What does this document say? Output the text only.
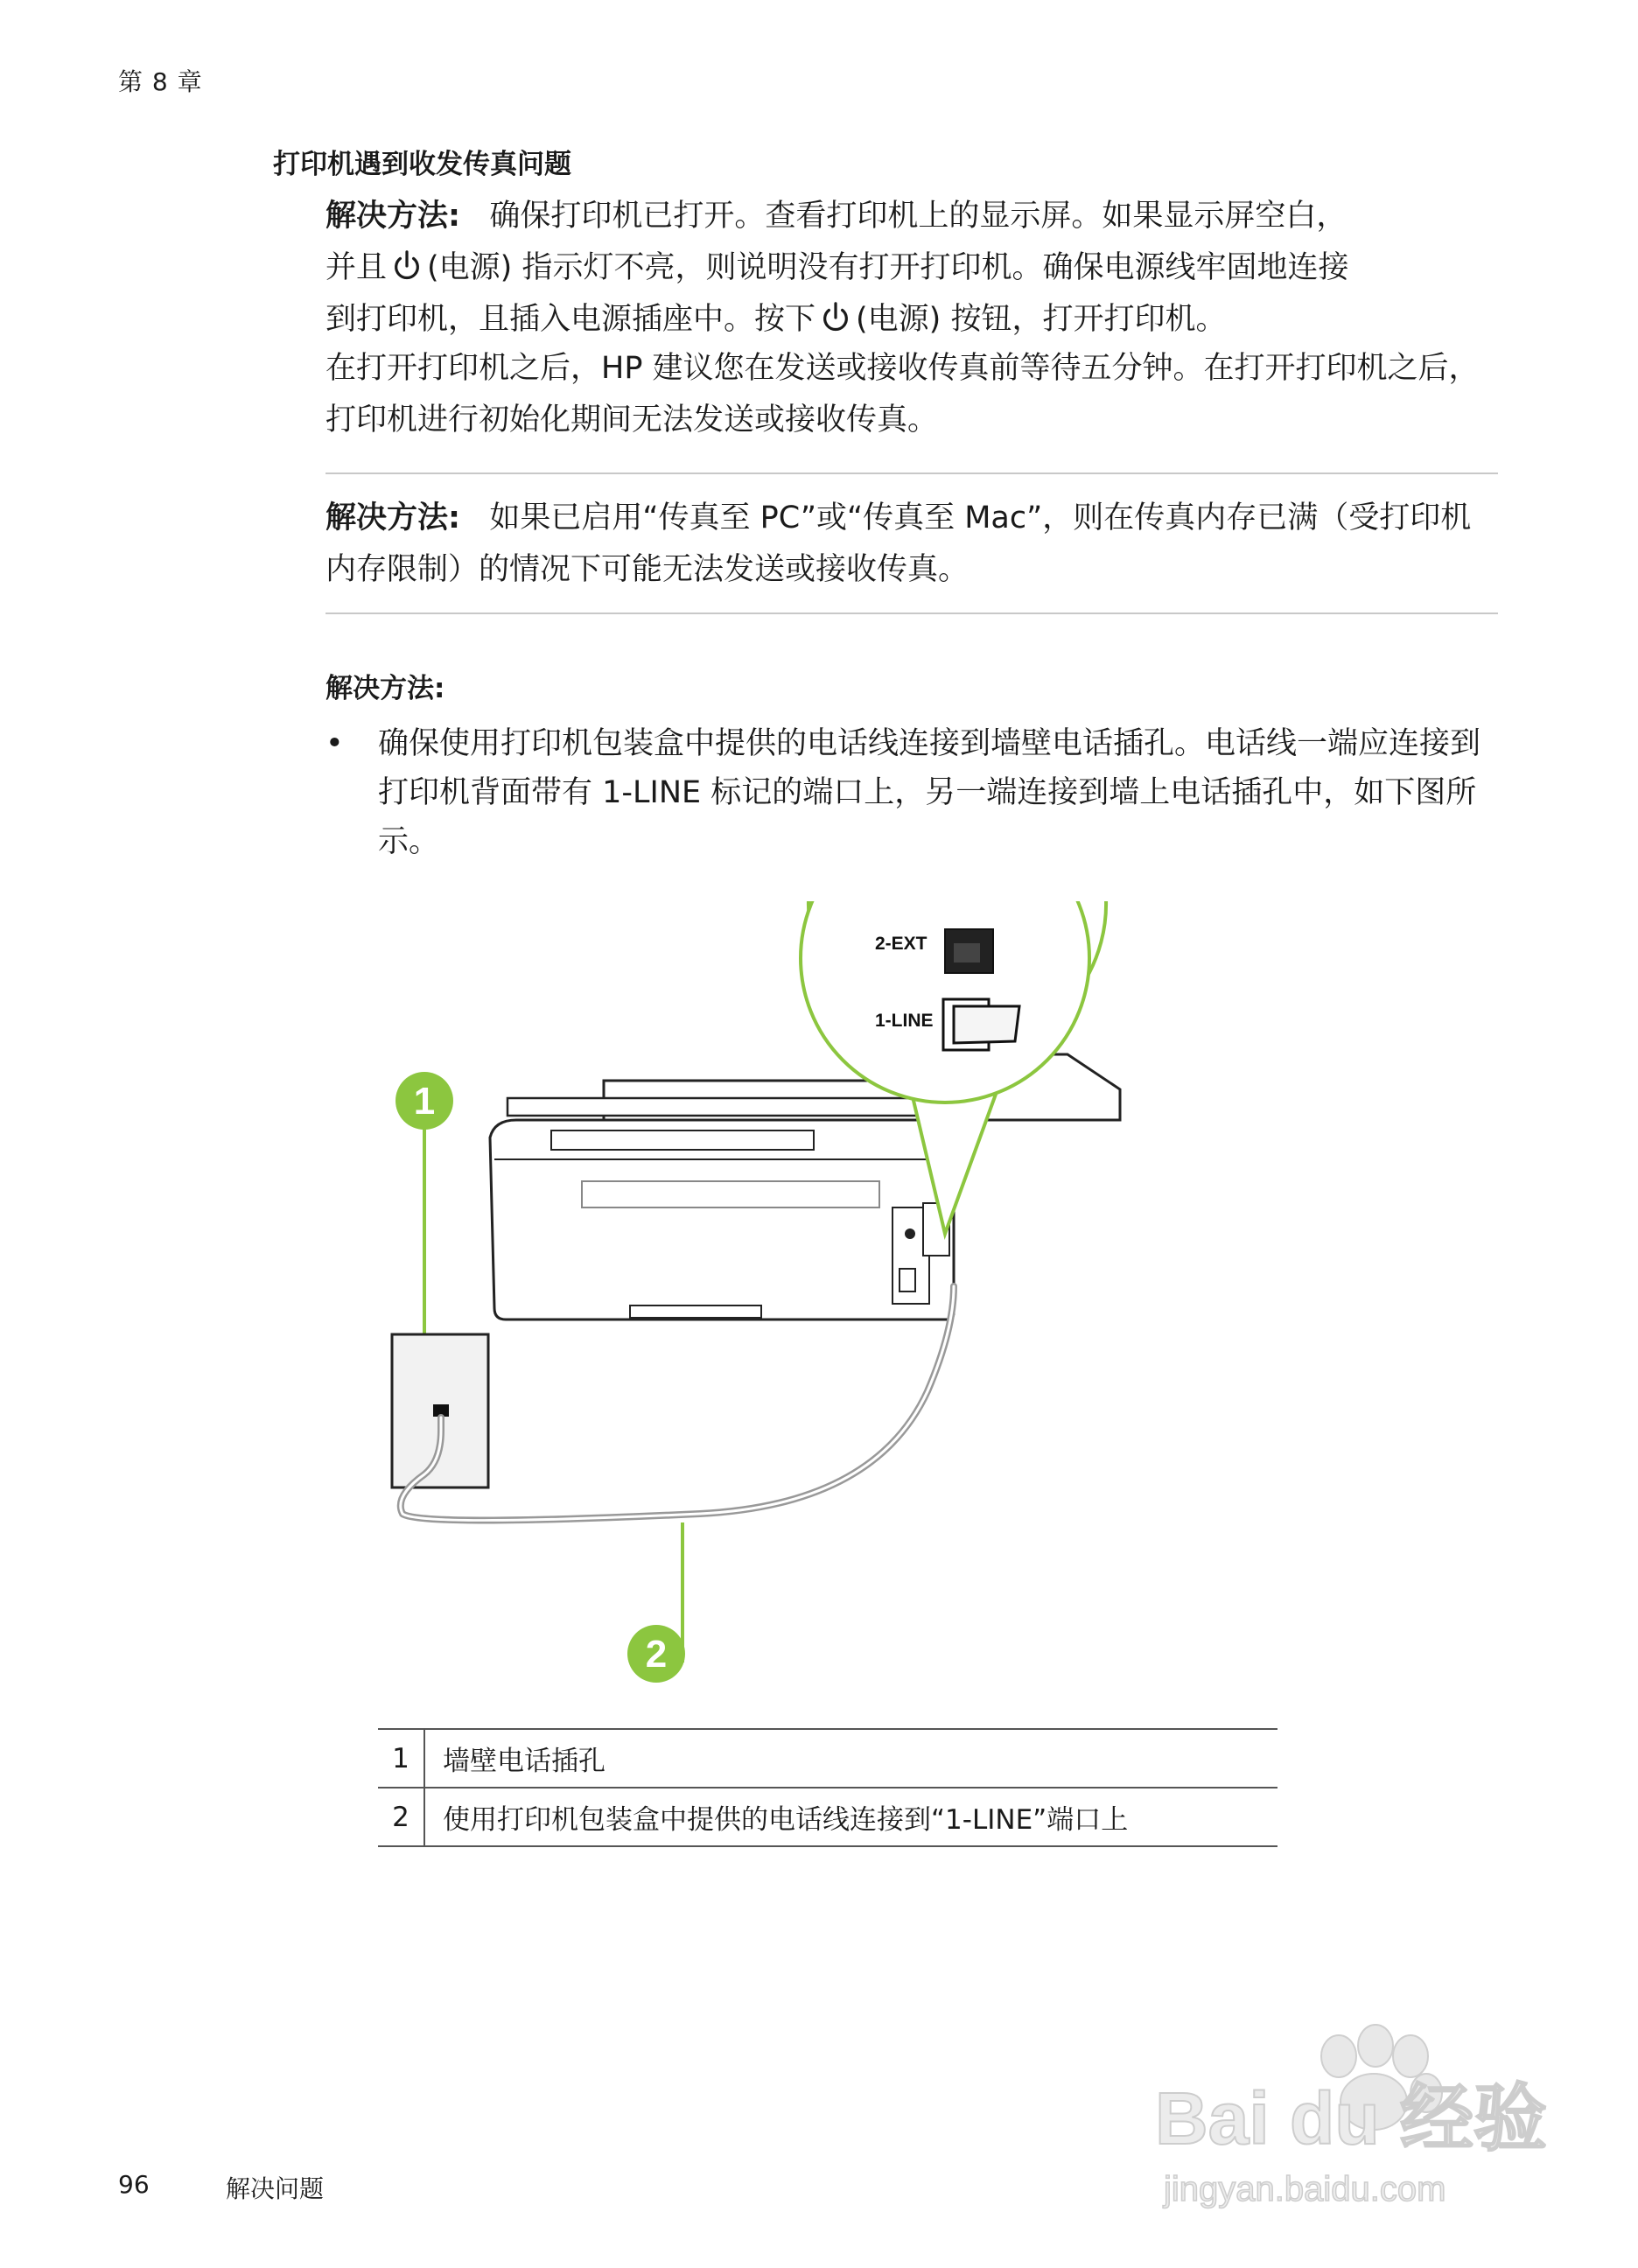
第 8 章
打印机遇到收发传真问题
解决方法: 确保打印机已打开。查看打印机上的显示屏。如果显示屏空白，
并且 (电源) 指示灯不亮，则说明没有打开打印机。确保电源线牢固地连接
到打印机，且插入电源插座中。按下 (电源) 按钮，打开打印机。
在打开打印机之后，HP 建议您在发送或接收传真前等待五分钟。在打开打印机之后，打印机进行初始化期间无法发送或接收传真。
解决方法: 如果已启用“传真至 PC”或“传真至 Mac”，则在传真内存已满（受打印机内存限制）的情况下可能无法发送或接收传真。
解决方法:
• 确保使用打印机包装盒中提供的电话线连接到墙壁电话插孔。电话线一端应连接到打印机背面带有 1-LINE 标记的端口上，另一端连接到墙上电话插孔中，如下图所示。
1
2-EXT
1-LINE
2
1	墙壁电话插孔
2	使用打印机包装盒中提供的电话线连接到“1-LINE”端口上
96	解决问题
Bai du 经验
jingyan.baidu.com
